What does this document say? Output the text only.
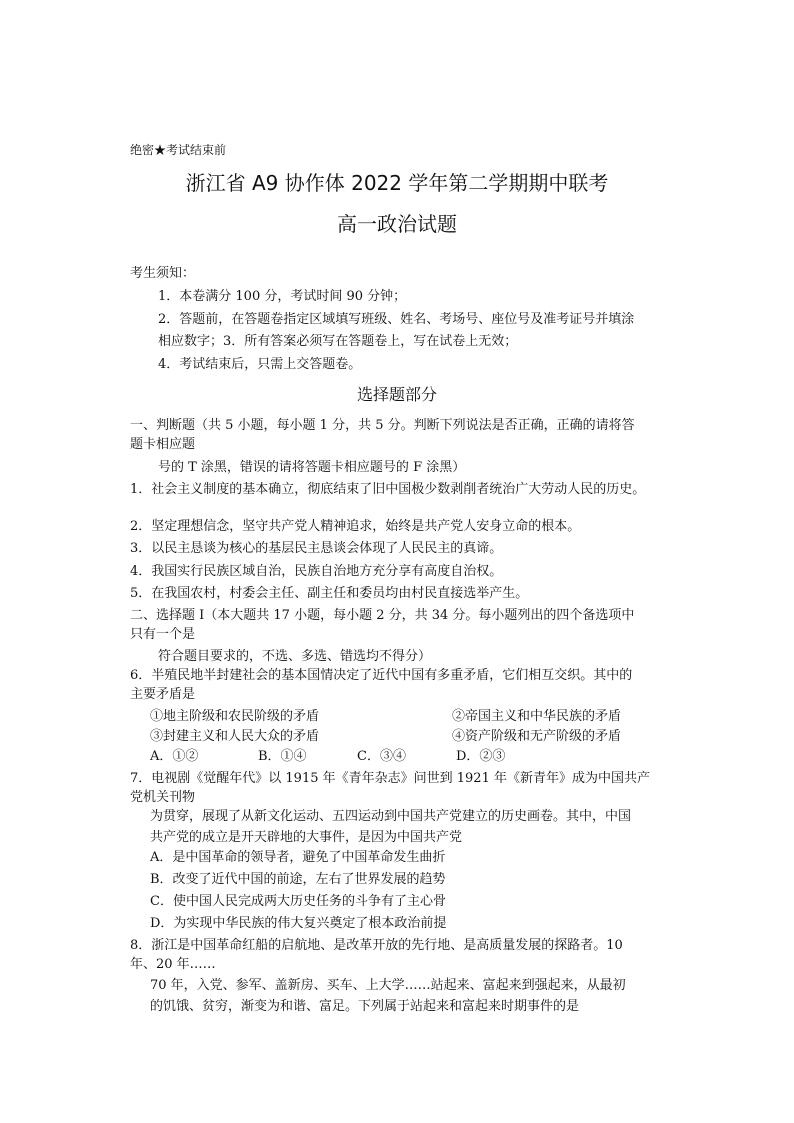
绝密★考试结束前
浙江省 A9 协作体 2022 学年第二学期期中联考
高一政治试题
考生须知：
1．本卷满分 100 分，考试时间 90 分钟；
2．答题前，在答题卷指定区域填写班级、姓名、考场号、座位号及准考证号并填涂
相应数字；3．所有答案必须写在答题卷上，写在试卷上无效；
4．考试结束后，只需上交答题卷。
选择题部分
一、判断题（共 5 小题，每小题 1 分，共 5 分。判断下列说法是否正确，正确的请将答
题卡相应题
号的 T 涂黑，错误的请将答题卡相应题号的 F 涂黑）
1．社会主义制度的基本确立，彻底结束了旧中国极少数剥削者统治广大劳动人民的历史。
2．坚定理想信念，坚守共产党人精神追求，始终是共产党人安身立命的根本。
3．以民主恳谈为核心的基层民主恳谈会体现了人民民主的真谛。
4．我国实行民族区域自治，民族自治地方充分享有高度自治权。
5．在我国农村，村委会主任、副主任和委员均由村民直接选举产生。
二、选择题 I（本大题共 17 小题，每小题 2 分，共 34 分。每小题列出的四个备选项中
只有一个是
符合题目要求的，不选、多选、错选均不得分）
6．半殖民地半封建社会的基本国情决定了近代中国有多重矛盾，它们相互交织。其中的
主要矛盾是
①地主阶级和农民阶级的矛盾	②帝国主义和中华民族的矛盾
③封建主义和人民大众的矛盾	④资产阶级和无产阶级的矛盾
A．①②	B．①④	C．③④	D．②③
7．电视剧《觉醒年代》以 1915 年《青年杂志》问世到 1921 年《新青年》成为中国共产
党机关刊物
为贯穿，展现了从新文化运动、五四运动到中国共产党建立的历史画卷。其中，中国
共产党的成立是开天辟地的大事件，是因为中国共产党
A．是中国革命的领导者，避免了中国革命发生曲折
B．改变了近代中国的前途，左右了世界发展的趋势
C．使中国人民完成两大历史任务的斗争有了主心骨
D．为实现中华民族的伟大复兴奠定了根本政治前提
8．浙江是中国革命红船的启航地、是改革开放的先行地、是高质量发展的探路者。10
年、20 年……
70 年，入党、参军、盖新房、买车、上大学……站起来、富起来到强起来，从最初
的饥饿、贫穷，渐变为和谐、富足。下列属于站起来和富起来时期事件的是
